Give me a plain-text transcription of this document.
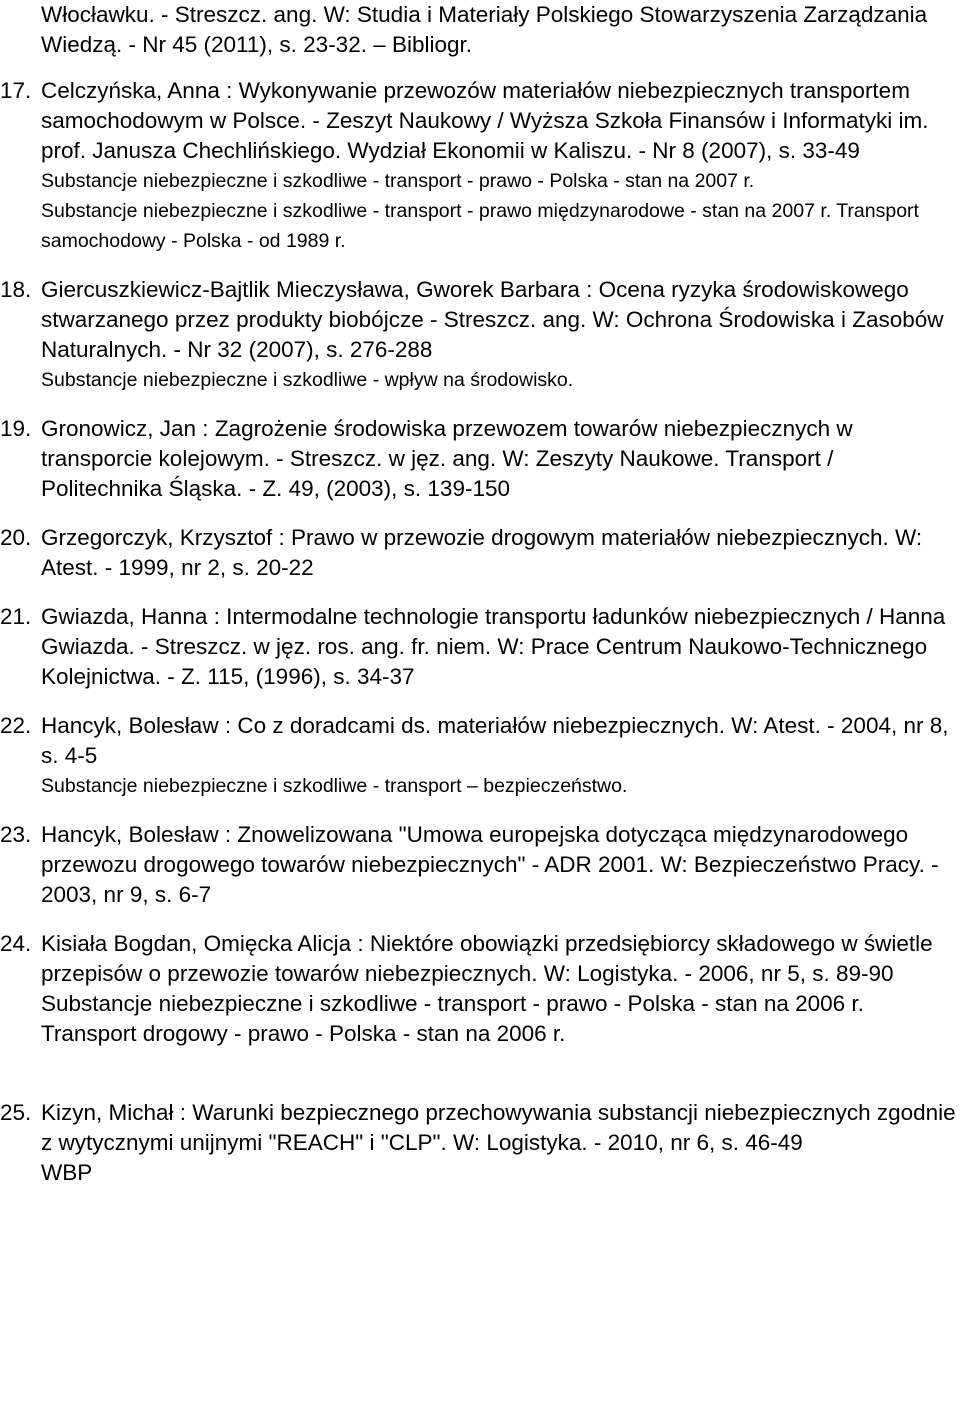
Włocławku. - Streszcz. ang. W: Studia i Materiały Polskiego Stowarzyszenia Zarządzania Wiedzą. - Nr 45 (2011), s. 23-32. – Bibliogr.
17. Celczyńska, Anna : Wykonywanie przewozów materiałów niebezpiecznych transportem samochodowym w Polsce. - Zeszyt Naukowy / Wyższa Szkoła Finansów i Informatyki im. prof. Janusza Chechlińskiego. Wydział Ekonomii w Kaliszu. - Nr 8 (2007), s. 33-49
Substancje niebezpieczne i szkodliwe - transport - prawo - Polska - stan na 2007 r.
Substancje niebezpieczne i szkodliwe - transport - prawo międzynarodowe - stan na 2007 r. Transport samochodowy - Polska - od 1989 r.
18. Giercuszkiewicz-Bajtlik Mieczysława, Gworek Barbara : Ocena ryzyka środowiskowego stwarzanego przez produkty biobójcze - Streszcz. ang. W: Ochrona Środowiska i Zasobów Naturalnych. - Nr 32 (2007), s. 276-288
Substancje niebezpieczne i szkodliwe - wpływ na środowisko.
19. Gronowicz, Jan : Zagrożenie środowiska przewozem towarów niebezpiecznych w transporcie kolejowym. - Streszcz. w jęz. ang. W: Zeszyty Naukowe. Transport / Politechnika Śląska. - Z. 49, (2003), s. 139-150
20. Grzegorczyk, Krzysztof : Prawo w przewozie drogowym materiałów niebezpiecznych. W: Atest. - 1999, nr 2, s. 20-22
21. Gwiazda, Hanna : Intermodalne technologie transportu ładunków niebezpiecznych / Hanna Gwiazda. - Streszcz. w jęz. ros. ang. fr. niem. W: Prace Centrum Naukowo-Technicznego Kolejnictwa. - Z. 115, (1996), s. 34-37
22. Hancyk, Bolesław : Co z doradcami ds. materiałów niebezpiecznych. W: Atest. - 2004, nr 8, s. 4-5
Substancje niebezpieczne i szkodliwe - transport – bezpieczeństwo.
23. Hancyk, Bolesław : Znowelizowana "Umowa europejska dotycząca międzynarodowego przewozu drogowego towarów niebezpiecznych" - ADR 2001. W: Bezpieczeństwo Pracy. - 2003, nr 9, s. 6-7
24. Kisiała Bogdan, Omięcka Alicja : Niektóre obowiązki przedsiębiorcy składowego w świetle przepisów o przewozie towarów niebezpiecznych. W: Logistyka. - 2006, nr 5, s. 89-90
Substancje niebezpieczne i szkodliwe - transport - prawo - Polska - stan na 2006 r.
Transport drogowy - prawo - Polska - stan na 2006 r.
25. Kizyn, Michał : Warunki bezpiecznego przechowywania substancji niebezpiecznych zgodnie z wytycznymi unijnymi "REACH" i "CLP". W: Logistyka. - 2010, nr 6, s. 46-49
WBP
